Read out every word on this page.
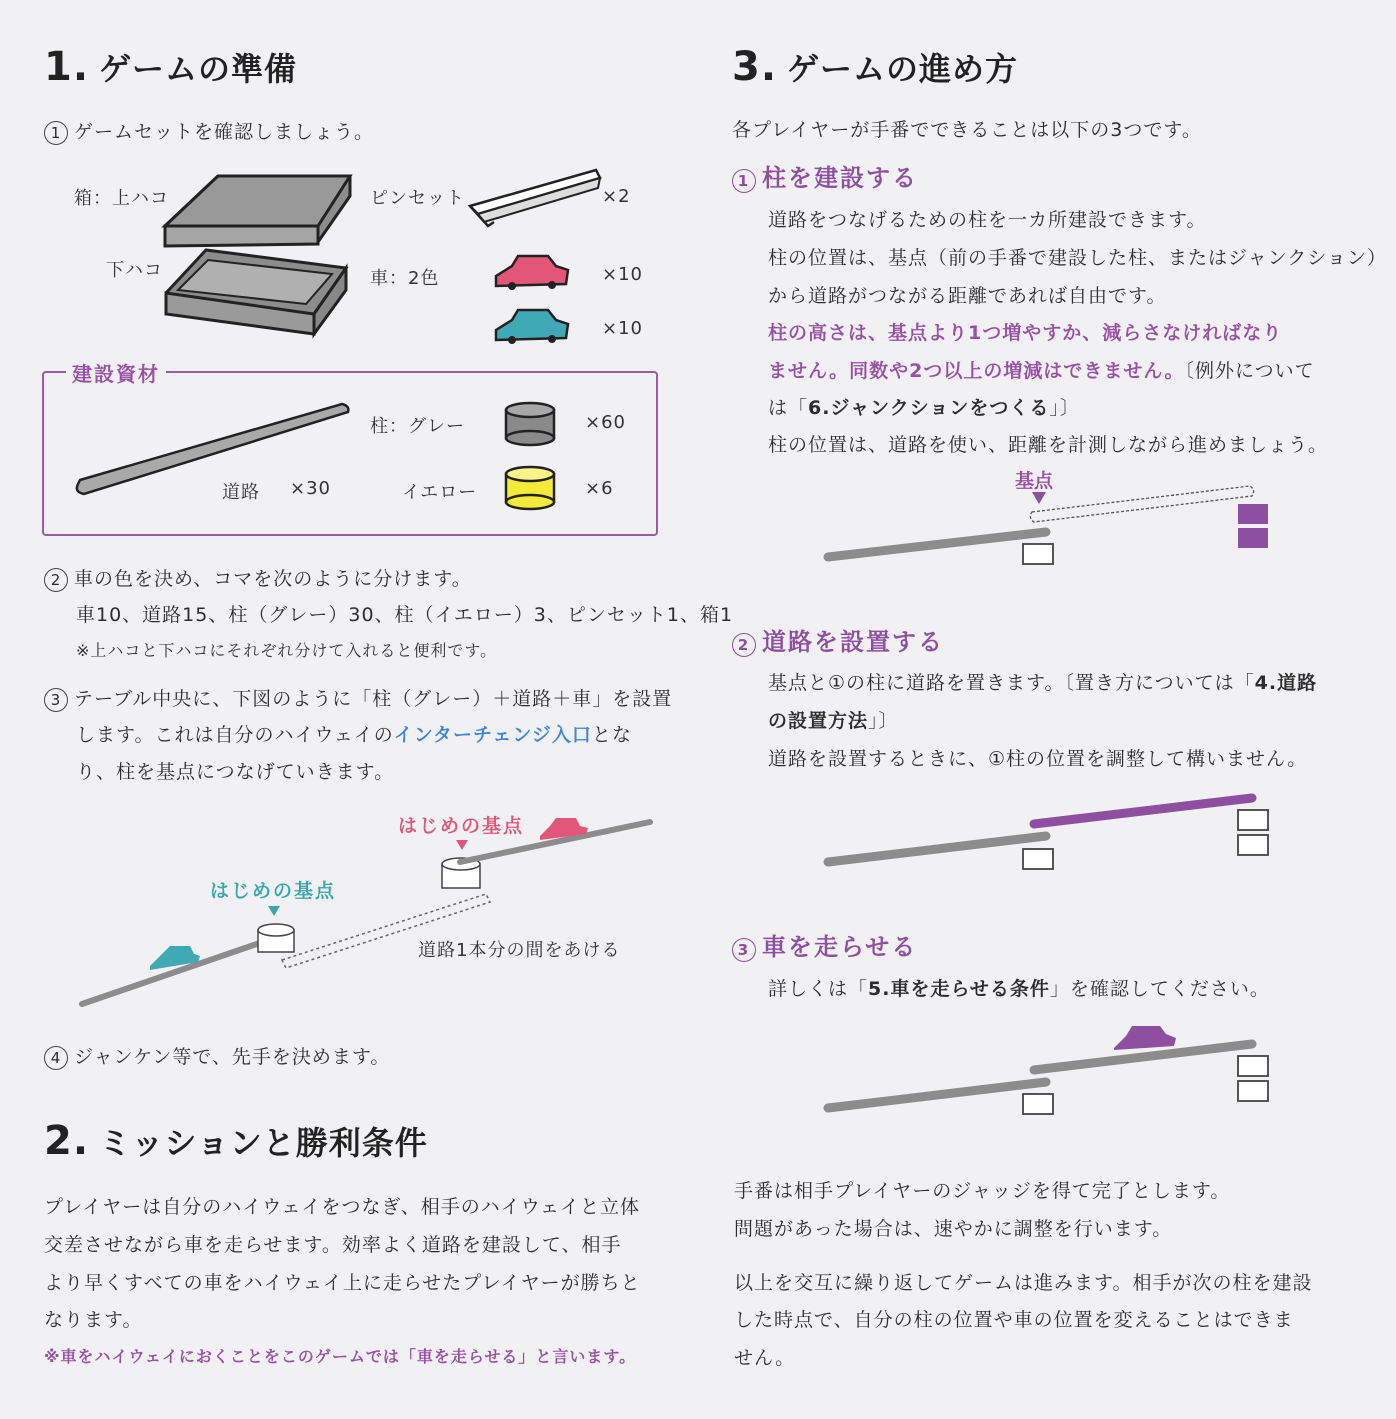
1. ゲームの準備
1 ゲームセットを確認しましょう。
箱：上ハコ
下ハコ
ピンセット	×2
車：2色	×10
×10
建設資材
柱：グレー	×60
道路 ×30	イエロー	×6
2 車の色を決め、コマを次のように分けます。
車10、道路15、柱（グレー）30、柱（イエロー）3、ピンセット1、箱1
※上ハコと下ハコにそれぞれ分けて入れると便利です。
3 テーブル中央に、下図のように「柱（グレー）＋道路＋車」を設置
します。これは自分のハイウェイのインターチェンジ入口とな
り、柱を基点につなげていきます。
はじめの基点
はじめの基点
道路1本分の間をあける
4 ジャンケン等で、先手を決めます。
2. ミッションと勝利条件
プレイヤーは自分のハイウェイをつなぎ、相手のハイウェイと立体
交差させながら車を走らせます。効率よく道路を建設して、相手
より早くすべての車をハイウェイ上に走らせたプレイヤーが勝ちと
なります。
※車をハイウェイにおくことをこのゲームでは「車を走らせる」と言います。
3. ゲームの進め方
各プレイヤーが手番でできることは以下の3つです。
1 柱を建設する
道路をつなげるための柱を一カ所建設できます。
柱の位置は、基点（前の手番で建設した柱、またはジャンクション）
から道路がつながる距離であれば自由です。
柱の高さは、基点より1つ増やすか、減らさなければなり
ません。同数や2つ以上の増減はできません。〔例外について
は「6.ジャンクションをつくる」〕
柱の位置は、道路を使い、距離を計測しながら進めましょう。
基点
2 道路を設置する
基点と①の柱に道路を置きます。〔置き方については「4.道路
の設置方法」〕
道路を設置するときに、①柱の位置を調整して構いません。
3 車を走らせる
詳しくは「5.車を走らせる条件」を確認してください。
手番は相手プレイヤーのジャッジを得て完了とします。
問題があった場合は、速やかに調整を行います。
以上を交互に繰り返してゲームは進みます。相手が次の柱を建設
した時点で、自分の柱の位置や車の位置を変えることはできま
せん。
